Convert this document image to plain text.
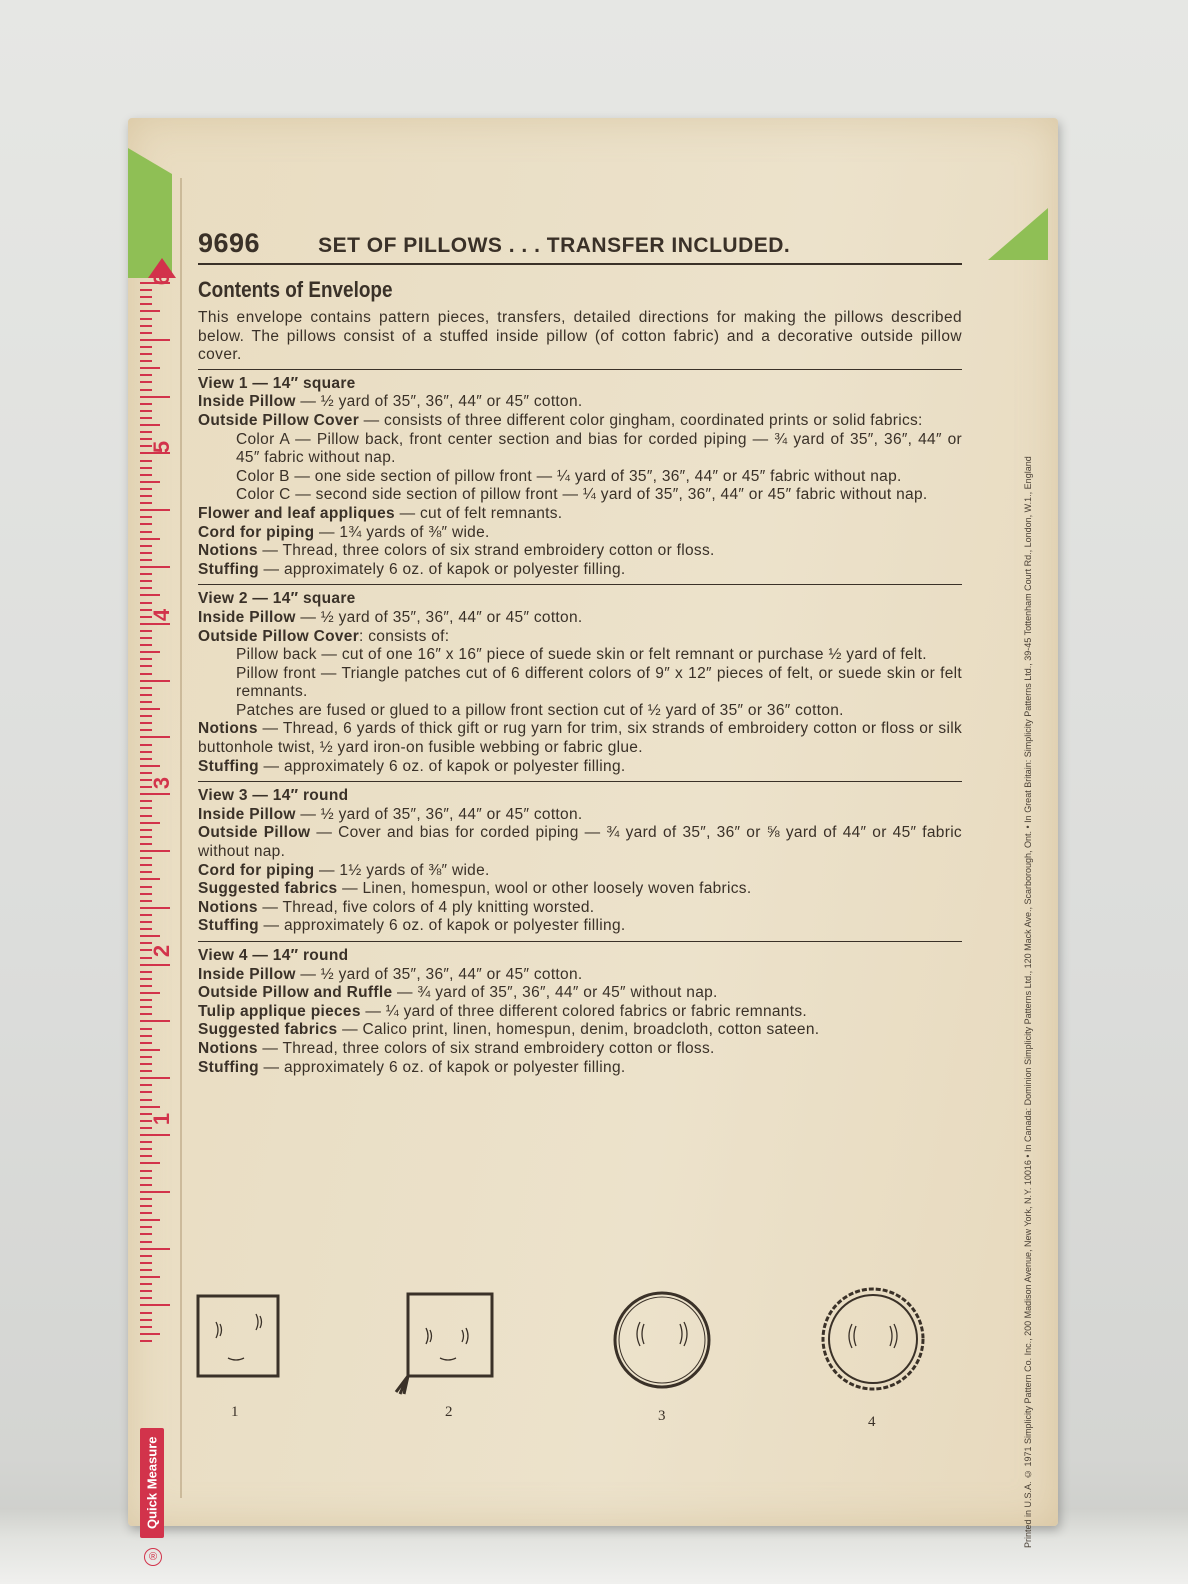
6
5
4
3
2
1
Quick Measure
®
9696	SET OF PILLOWS . . . TRANSFER INCLUDED.
Contents of Envelope
This envelope contains pattern pieces, transfers, detailed directions for making the pillows described below. The pillows consist of a stuffed inside pillow (of cotton fabric) and a decorative outside pillow cover.
View 1 — 14″ square
Inside Pillow — ½ yard of 35″, 36″, 44″ or 45″ cotton.
Outside Pillow Cover — consists of three different color gingham, coordinated prints or solid fabrics:
Color A — Pillow back, front center section and bias for corded piping — ¾ yard of 35″, 36″, 44″ or 45″ fabric without nap.
Color B — one side section of pillow front — ¼ yard of 35″, 36″, 44″ or 45″ fabric without nap.
Color C — second side section of pillow front — ¼ yard of 35″, 36″, 44″ or 45″ fabric without nap.
Flower and leaf appliques — cut of felt remnants.
Cord for piping — 1¾ yards of ⅜″ wide.
Notions — Thread, three colors of six strand embroidery cotton or floss.
Stuffing — approximately 6 oz. of kapok or polyester filling.
View 2 — 14″ square
Inside Pillow — ½ yard of 35″, 36″, 44″ or 45″ cotton.
Outside Pillow Cover: consists of:
Pillow back — cut of one 16″ x 16″ piece of suede skin or felt remnant or purchase ½ yard of felt.
Pillow front — Triangle patches cut of 6 different colors of 9″ x 12″ pieces of felt, or suede skin or felt remnants.
Patches are fused or glued to a pillow front section cut of ½ yard of 35″ or 36″ cotton.
Notions — Thread, 6 yards of thick gift or rug yarn for trim, six strands of embroidery cotton or floss or silk buttonhole twist, ½ yard iron-on fusible webbing or fabric glue.
Stuffing — approximately 6 oz. of kapok or polyester filling.
View 3 — 14″ round
Inside Pillow — ½ yard of 35″, 36″, 44″ or 45″ cotton.
Outside Pillow — Cover and bias for corded piping — ¾ yard of 35″, 36″ or ⅝ yard of 44″ or 45″ fabric without nap.
Cord for piping — 1½ yards of ⅜″ wide.
Suggested fabrics — Linen, homespun, wool or other loosely woven fabrics.
Notions — Thread, five colors of 4 ply knitting worsted.
Stuffing — approximately 6 oz. of kapok or polyester filling.
View 4 — 14″ round
Inside Pillow — ½ yard of 35″, 36″, 44″ or 45″ cotton.
Outside Pillow and Ruffle — ¾ yard of 35″, 36″, 44″ or 45″ without nap.
Tulip applique pieces — ¼ yard of three different colored fabrics or fabric remnants.
Suggested fabrics — Calico print, linen, homespun, denim, broadcloth, cotton sateen.
Notions — Thread, three colors of six strand embroidery cotton or floss.
Stuffing — approximately 6 oz. of kapok or polyester filling.
1	2	3	4	Printed in U.S.A. © 1971 Simplicity Pattern Co. Inc., 200 Madison Avenue, New York, N.Y. 10016 • In Canada: Dominion Simplicity Patterns Ltd., 120 Mack Ave., Scarborough, Ont. • In Great Britain: Simplicity Patterns Ltd., 39-45 Tottenham Court Rd., London, W.1., England
